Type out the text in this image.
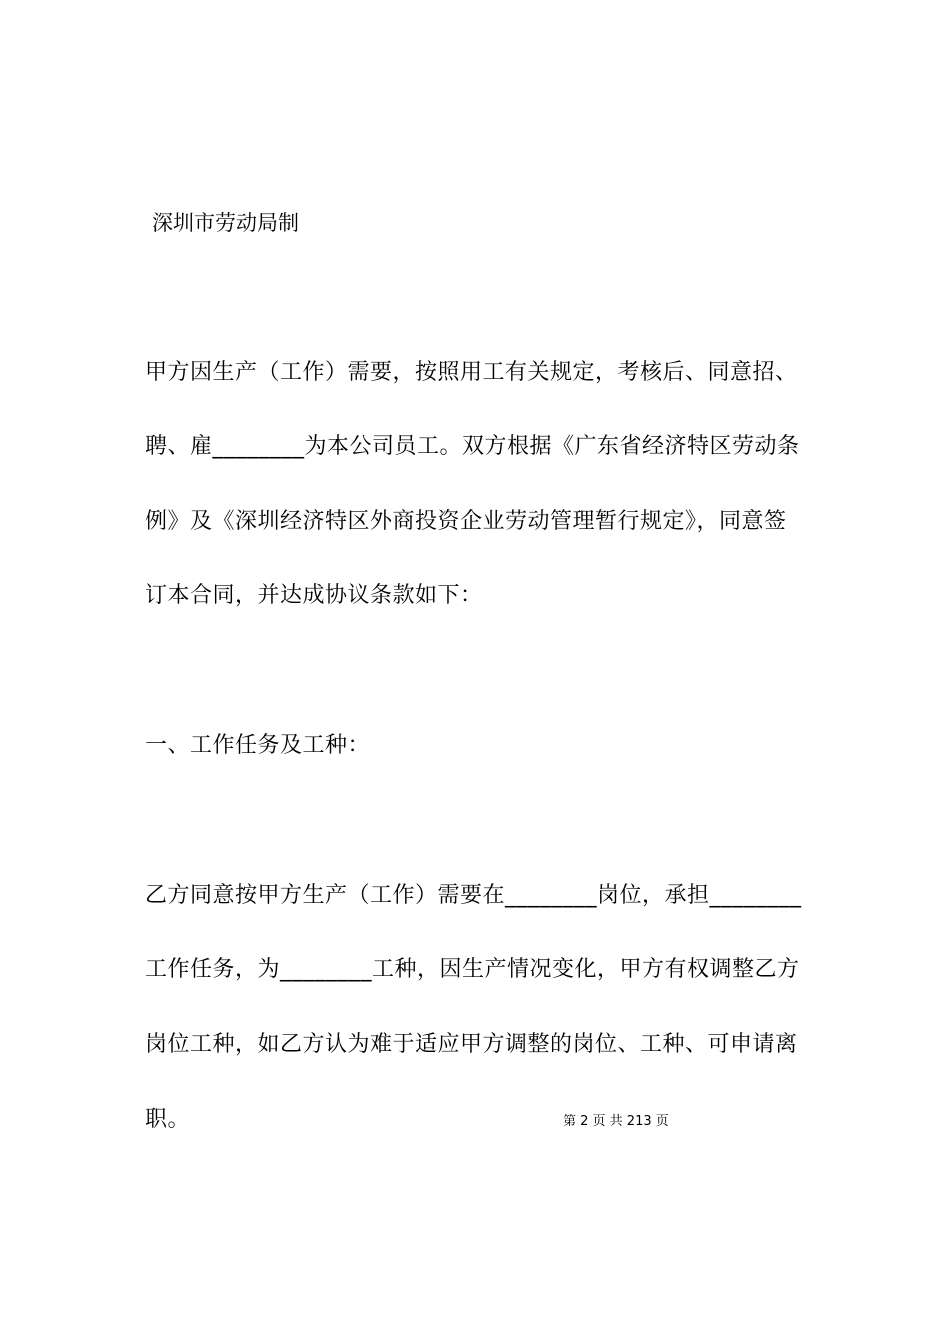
深圳市劳动局制
甲方因生产（工作）需要，按照用工有关规定，考核后、同意招、
聘、雇________为本公司员工。双方根据《广东省经济特区劳动条
例》及《深圳经济特区外商投资企业劳动管理暂行规定》，同意签
订本合同，并达成协议条款如下：
一、工作任务及工种：
乙方同意按甲方生产（工作）需要在________岗位，承担________
工作任务，为________工种，因生产情况变化，甲方有权调整乙方
岗位工种，如乙方认为难于适应甲方调整的岗位、工种、可申请离
职。	第 2 页 共 213 页
